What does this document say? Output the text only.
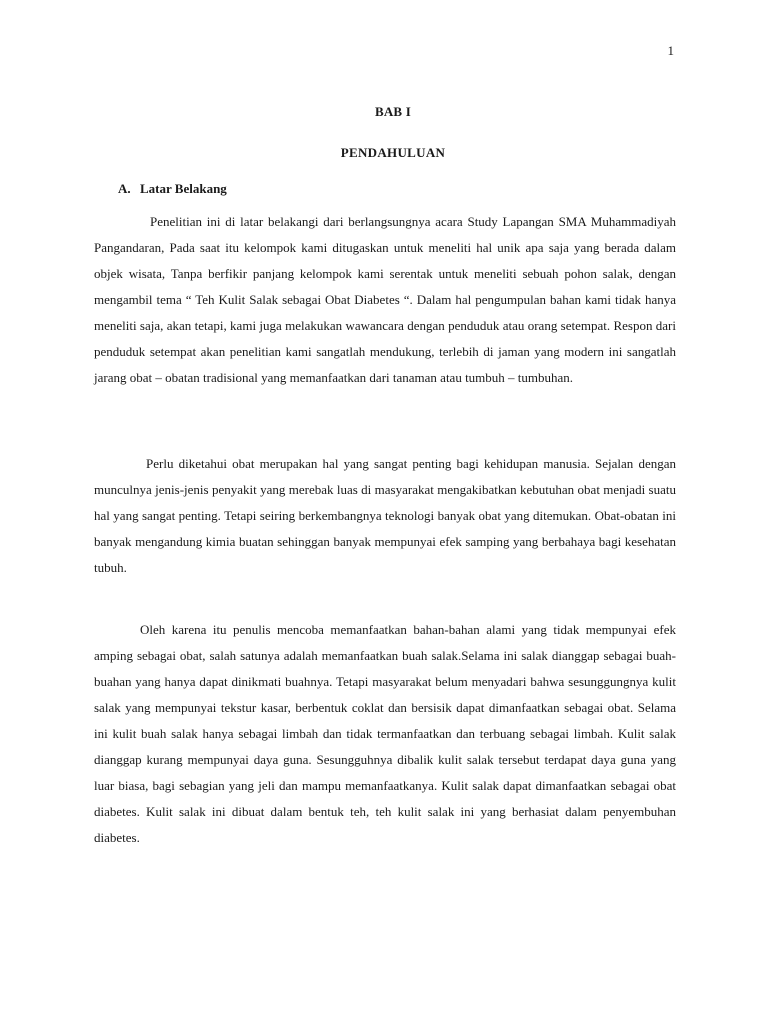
1
BAB I
PENDAHULUAN
A. Latar Belakang

Penelitian ini di latar belakangi dari berlangsungnya acara Study Lapangan SMA Muhammadiyah Pangandaran, Pada saat itu kelompok kami ditugaskan untuk meneliti hal unik apa saja yang berada dalam objek wisata, Tanpa berfikir panjang kelompok kami serentak untuk meneliti sebuah pohon salak, dengan mengambil tema “ Teh Kulit Salak sebagai Obat Diabetes “. Dalam hal pengumpulan bahan kami tidak hanya meneliti saja, akan tetapi, kami juga melakukan wawancara dengan penduduk atau orang setempat. Respon dari penduduk setempat akan penelitian kami sangatlah mendukung, terlebih di jaman yang modern ini sangatlah jarang obat – obatan tradisional yang memanfaatkan dari tanaman atau tumbuh – tumbuhan.

Perlu diketahui obat merupakan hal yang sangat penting bagi kehidupan manusia. Sejalan dengan munculnya jenis-jenis penyakit yang merebak luas di masyarakat mengakibatkan kebutuhan obat menjadi suatu hal yang sangat penting. Tetapi seiring berkembangnya teknologi banyak obat yang ditemukan. Obat-obatan ini banyak mengandung kimia buatan sehinggan banyak mempunyai efek samping yang berbahaya bagi kesehatan tubuh.

Oleh karena itu penulis mencoba memanfaatkan bahan-bahan alami yang tidak mempunyai efek amping sebagai obat, salah satunya adalah memanfaatkan buah salak.Selama ini salak dianggap sebagai buah-buahan yang hanya dapat dinikmati buahnya. Tetapi masyarakat belum menyadari bahwa sesunggungnya kulit salak yang mempunyai tekstur kasar, berbentuk coklat dan bersisik dapat dimanfaatkan sebagai obat. Selama ini kulit buah salak hanya sebagai limbah dan tidak termanfaatkan dan terbuang sebagai limbah. Kulit salak dianggap kurang mempunyai daya guna. Sesungguhnya dibalik kulit salak tersebut terdapat daya guna yang luar biasa, bagi sebagian yang jeli dan mampu memanfaatkanya. Kulit salak dapat dimanfaatkan sebagai obat diabetes. Kulit salak ini dibuat dalam bentuk teh, teh kulit salak ini yang berhasiat dalam penyembuhan diabetes.
